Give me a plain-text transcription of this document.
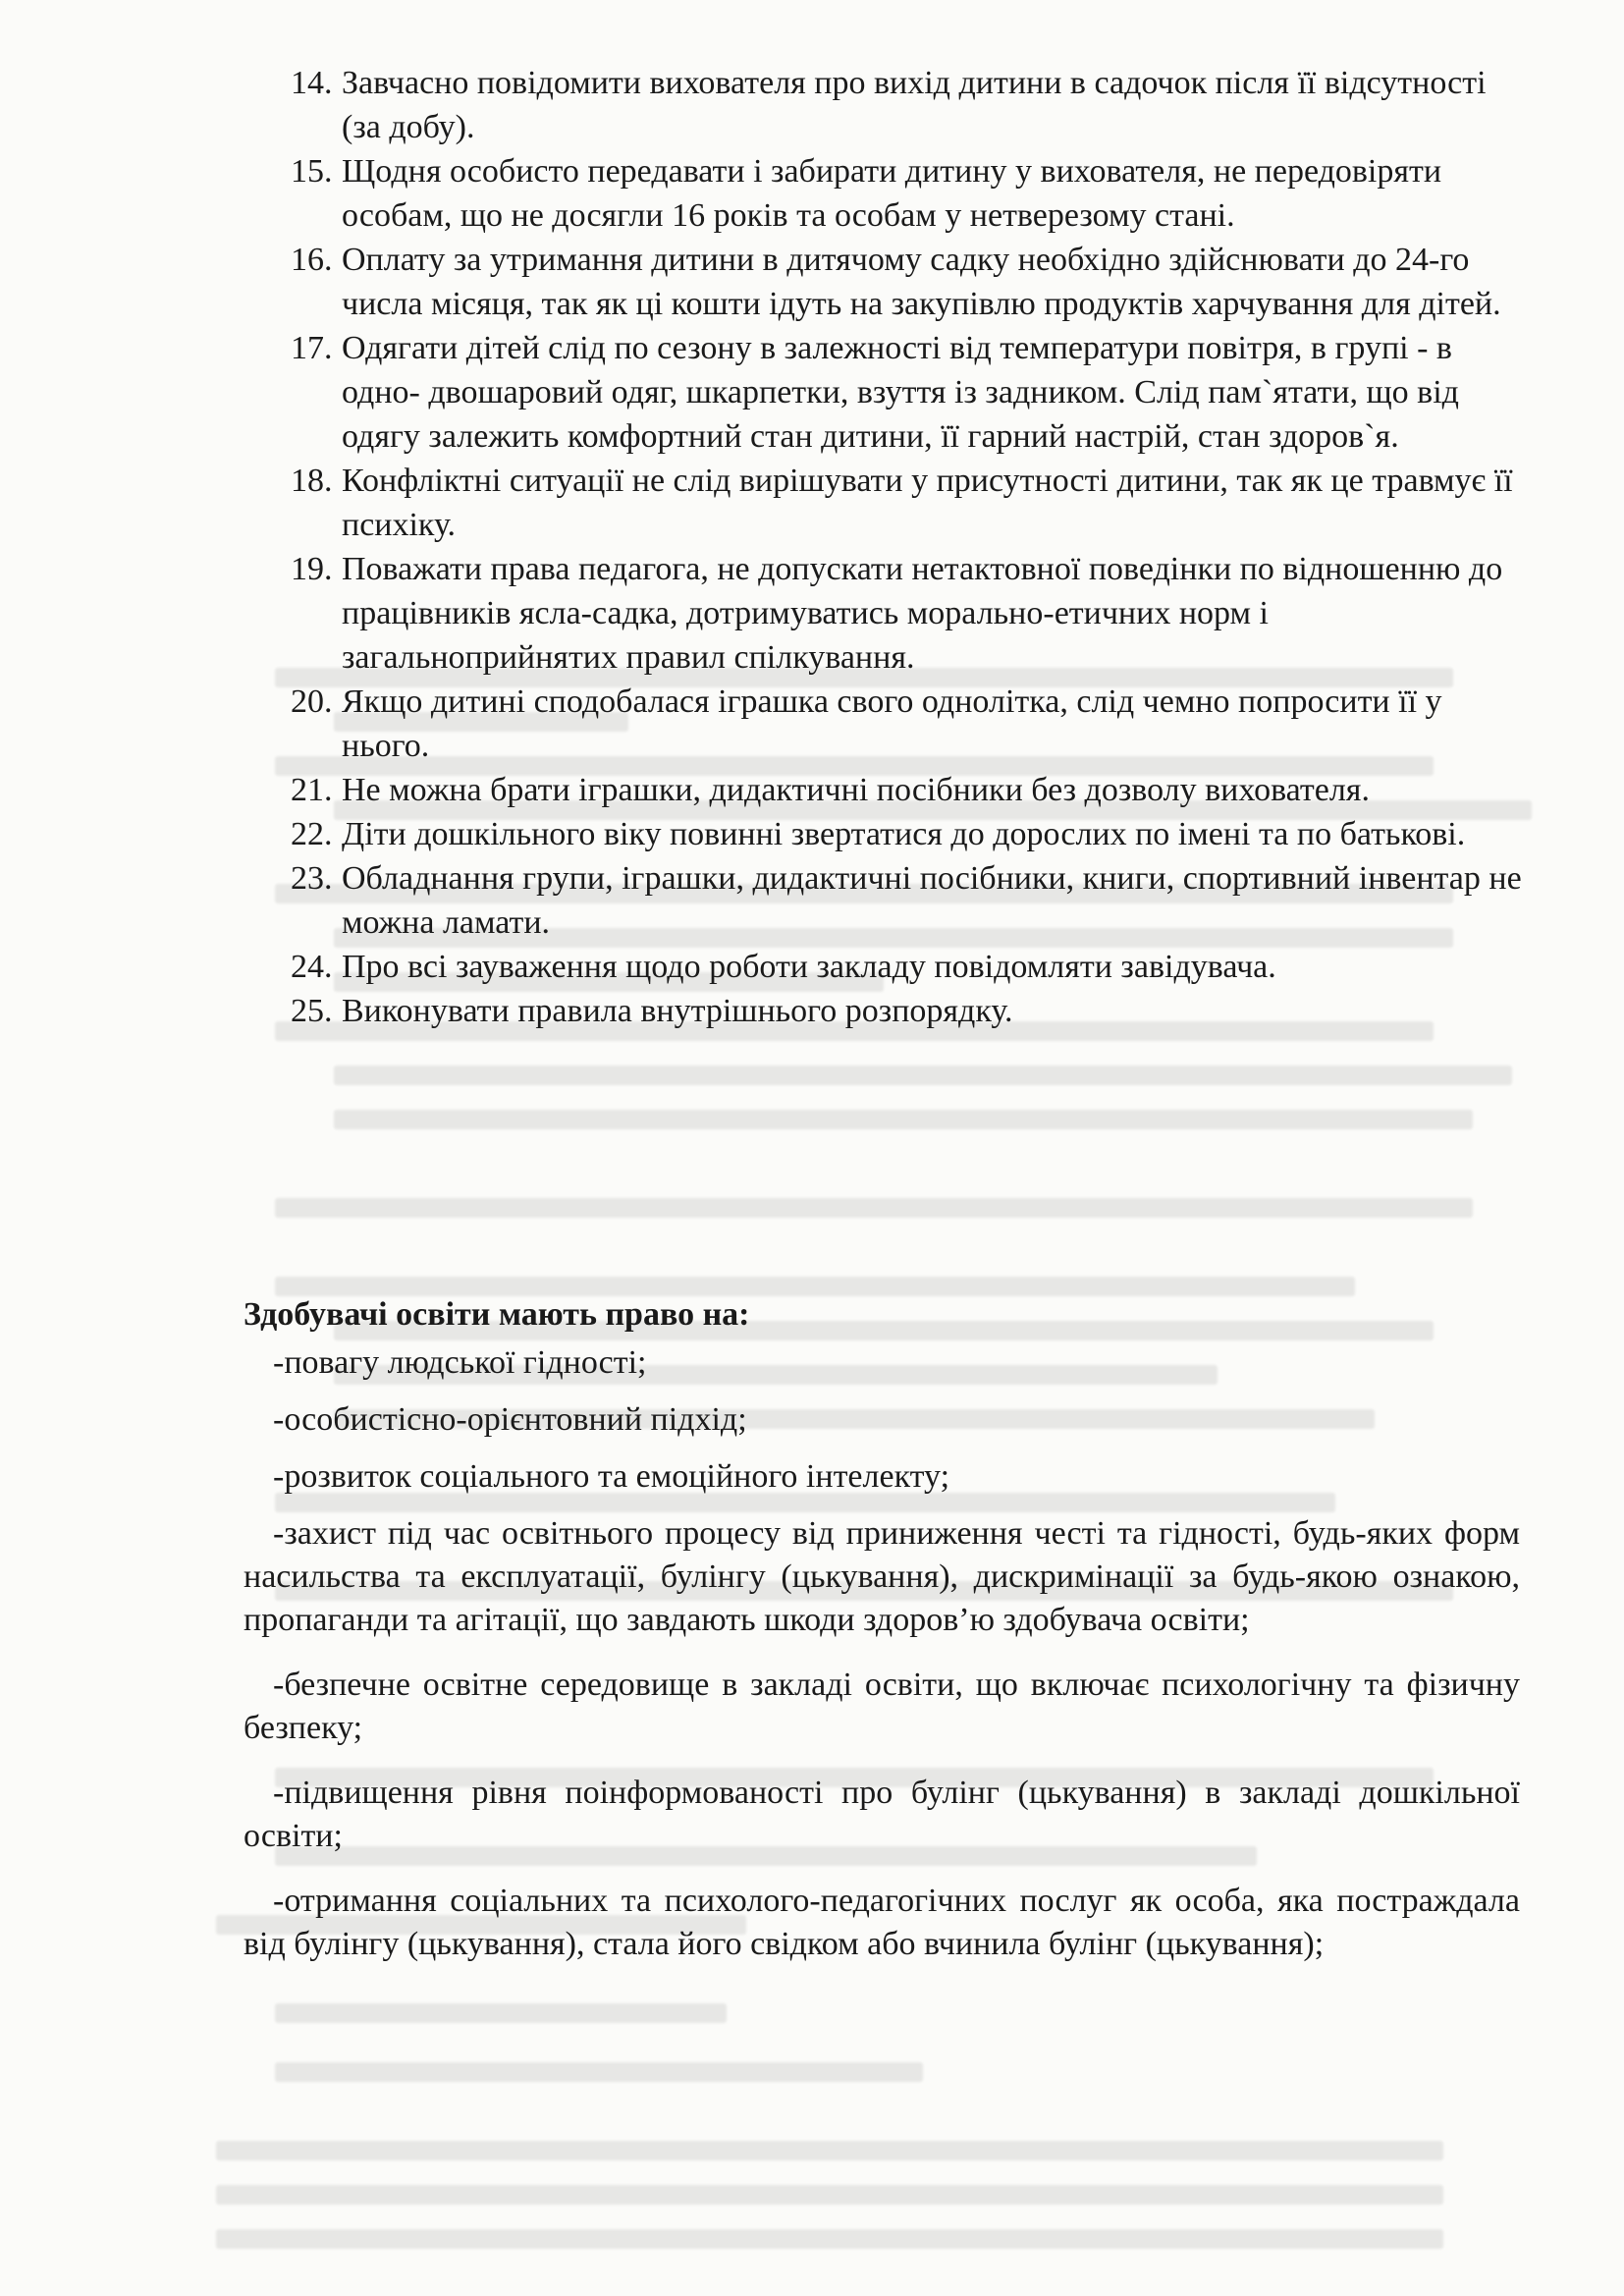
14. Завчасно повідомити вихователя про вихід дитини в садочок після її відсутності (за добу).
15. Щодня особисто передавати і забирати дитину у вихователя, не передовіряти особам, що не досягли 16 років та особам у нетверезому стані.
16. Оплату за утримання дитини в дитячому садку необхідно здійснювати до 24-го числа місяця, так як ці кошти ідуть на закупівлю продуктів харчування для дітей.
17. Одягати дітей слід по сезону в залежності від температури повітря, в групі - в одно- двошаровий одяг, шкарпетки, взуття із задником. Слід пам`ятати, що від одягу залежить комфортний стан дитини, її гарний настрій, стан здоров`я.
18. Конфліктні ситуації не слід вирішувати у присутності дитини, так як це травмує її психіку.
19. Поважати права педагога, не допускати нетактовної поведінки по відношенню до працівників ясла-садка, дотримуватись морально-етичних норм і загальноприйнятих правил спілкування.
20. Якщо дитині сподобалася іграшка свого однолітка, слід чемно попросити її у нього.
21. Не можна брати іграшки, дидактичні посібники без дозволу вихователя.
22. Діти дошкільного віку повинні звертатися до дорослих по імені та по батькові.
23. Обладнання групи, іграшки, дидактичні посібники, книги, спортивний інвентар не можна ламати.
24. Про всі зауваження щодо роботи закладу повідомляти завідувача.
25. Виконувати правила внутрішнього розпорядку.
Здобувачі освіти мають право на:
-повагу людської гідності;
-особистісно-орієнтовний підхід;
-розвиток соціального та емоційного інтелекту;
-захист під час освітнього процесу від приниження честі та гідності, будь-яких форм насильства та експлуатації, булінгу (цькування), дискримінації за будь-якою ознакою, пропаганди та агітації, що завдають шкоди здоров’ю здобувача освіти;
-безпечне освітне середовище в закладі освіти, що включає психологічну та фізичну безпеку;
-підвищення рівня поінформованості про булінг (цькування) в закладі дошкільної освіти;
-отримання соціальних та психолого-педагогічних послуг як особа, яка постраждала від булінгу (цькування), стала його свідком або вчинила булінг (цькування);
